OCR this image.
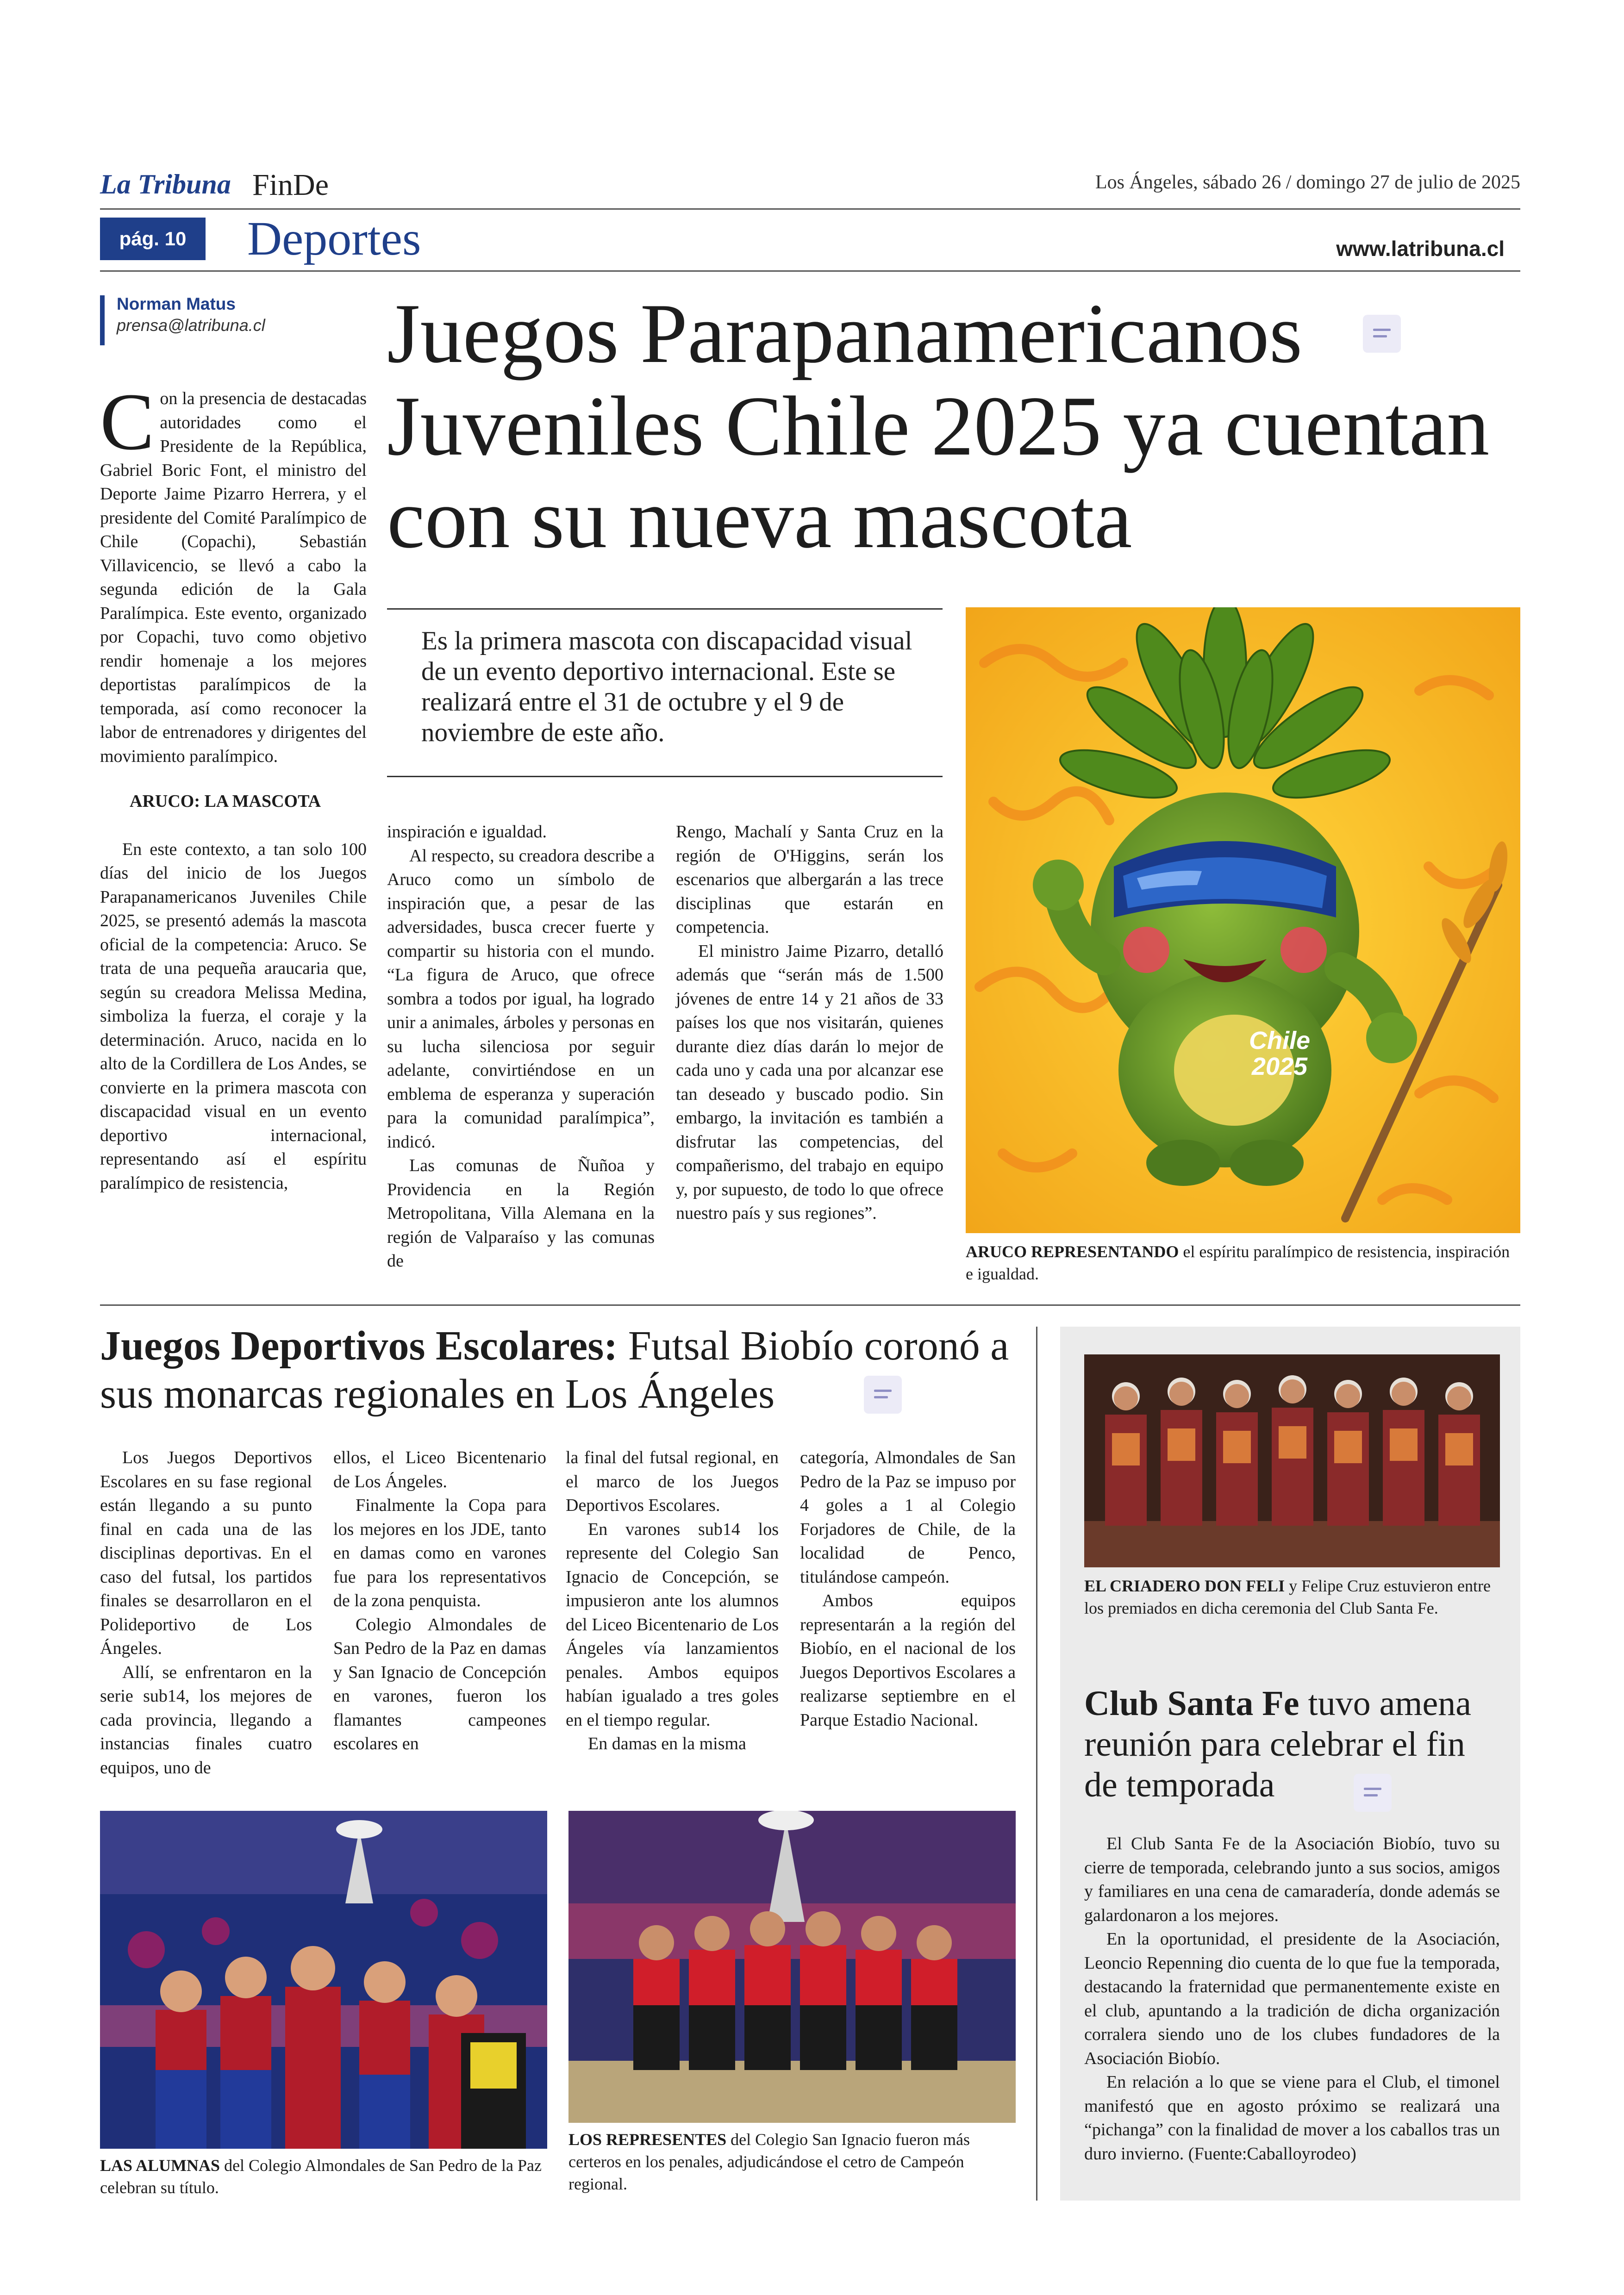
La Tribuna FinDe	Los Ángeles, sábado 26 / domingo 27 de julio de 2025
pág. 10	Deportes	www.latribuna.cl
Norman Matus
prensa@latribuna.cl Juegos Parapanamericanos
Juveniles Chile 2025 ya cuentan
con su nueva mascota
Es la primera mascota con discapacidad visual de un evento deportivo internacional. Este se realizará entre el 31 de octubre y el 9 de noviembre de este año.
C on la presencia de destacadas autoridades como el Presidente de la República, Gabriel Boric Font, el ministro del Deporte Jaime Pizarro Herrera, y el presidente del Comité Paralímpico de Chile (Copachi), Sebastián Villavicencio, se llevó a cabo la segunda edición de la Gala Paralímpica. Este evento, organizado por Copachi, tuvo como objetivo rendir homenaje a los mejores deportistas paralímpicos de la temporada, así como reconocer la labor de entrenadores y dirigentes del movimiento paralímpico.

ARUCO: LA MASCOTA

En este contexto, a tan solo 100 días del inicio de los Juegos Parapanamericanos Juveniles Chile 2025, se presentó además la mascota oficial de la competencia: Aruco. Se trata de una pequeña araucaria que, según su creadora Melissa Medina, simboliza la fuerza, el coraje y la determinación. Aruco, nacida en lo alto de la Cordillera de Los Andes, se convierte en la primera mascota con discapacidad visual en un evento deportivo internacional, representando así el espíritu paralímpico de resistencia,

inspiración e igualdad.

Al respecto, su creadora describe a Aruco como un símbolo de inspiración que, a pesar de las adversidades, busca crecer fuerte y compartir su historia con el mundo. “La figura de Aruco, que ofrece sombra a todos por igual, ha logrado unir a animales, árboles y personas en su lucha silenciosa por seguir adelante, convirtiéndose en un emblema de esperanza y superación para la comunidad paralímpica”, indicó.

Las comunas de Ñuñoa y Providencia en la Región Metropolitana, Villa Alemana en la región de Valparaíso y las comunas de

Rengo, Machalí y Santa Cruz en la región de O'Higgins, serán los escenarios que albergarán a las trece disciplinas que estarán en competencia.

El ministro Jaime Pizarro, detalló además que “serán más de 1.500 jóvenes de entre 14 y 21 años de 33 países los que nos visitarán, quienes durante diez días darán lo mejor de cada uno y cada una por alcanzar ese tan deseado y buscado podio. Sin embargo, la invitación es también a disfrutar las competencias, del compañerismo, del trabajo en equipo y, por supuesto, de todo lo que ofrece nuestro país y sus regiones”.

Chile
2025

ARUCO REPRESENTANDO el espíritu paralímpico de resistencia, inspiración e igualdad.

Juegos Deportivos Escolares: Futsal Biobío coronó a sus monarcas regionales en Los Ángeles

Los Juegos Deportivos Escolares en su fase regional están llegando a su punto final en cada una de las disciplinas deportivas. En el caso del futsal, los partidos finales se desarrollaron en el Polideportivo de Los Ángeles.

Allí, se enfrentaron en la serie sub14, los mejores de cada provincia, llegando a instancias finales cuatro equipos, uno de

ellos, el Liceo Bicentenario de Los Ángeles.

Finalmente la Copa para los mejores en los JDE, tanto en damas como en varones fue para los representativos de la zona penquista.

Colegio Almondales de San Pedro de la Paz en damas y San Ignacio de Concepción en varones, fueron los flamantes campeones escolares en

la final del futsal regional, en el marco de los Juegos Deportivos Escolares.

En varones sub14 los represente del Colegio San Ignacio de Concepción, se impusieron ante los alumnos del Liceo Bicentenario de Los Ángeles vía lanzamientos penales. Ambos equipos habían igualado a tres goles en el tiempo regular.

En damas en la misma

categoría, Almondales de San Pedro de la Paz se impuso por 4 goles a 1 al Colegio Forjadores de Chile, de la localidad de Penco, titulándose campeón.

Ambos equipos representarán a la región del Biobío, en el nacional de los Juegos Deportivos Escolares a realizarse septiembre en el Parque Estadio Nacional.

LAS ALUMNAS del Colegio Almondales de San Pedro de la Paz celebran su título.

LOS REPRESENTES del Colegio San Ignacio fueron más certeros en los penales, adjudicándose el cetro de Campeón regional.

EL CRIADERO DON FELI y Felipe Cruz estuvieron entre los premiados en dicha ceremonia del Club Santa Fe.

Club Santa Fe tuvo amena reunión para celebrar el fin de temporada

El Club Santa Fe de la Asociación Biobío, tuvo su cierre de temporada, celebrando junto a sus socios, amigos y familiares en una cena de camaradería, donde además se galardonaron a los mejores.

En la oportunidad, el presidente de la Asociación, Leoncio Repenning dio cuenta de lo que fue la temporada, destacando la fraternidad que permanentemente existe en el club, apuntando a la tradición de dicha organización corralera siendo uno de los clubes fundadores de la Asociación Biobío.

En relación a lo que se viene para el Club, el timonel manifestó que en agosto próximo se realizará una “pichanga” con la finalidad de mover a los caballos tras un duro invierno. (Fuente:Caballoyrodeo)
